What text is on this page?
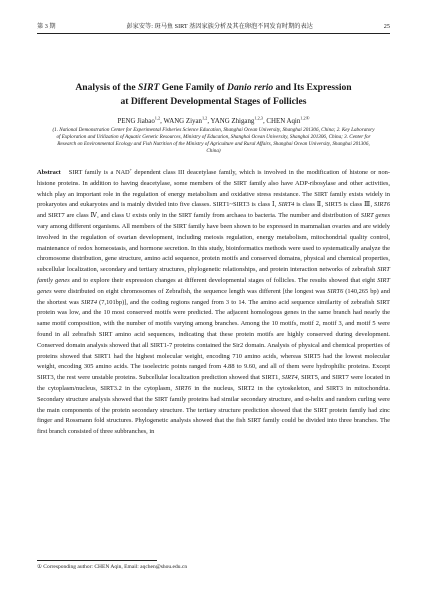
第 3 期	彭家安等: 斑马鱼 SIRT 基因家族分析及其在卵泡不同发育时期的表达	25
Analysis of the SIRT Gene Family of Danio rerio and Its Expression
at Different Developmental Stages of Follicles
PENG Jiabao$^{1,2}$, WANG Ziyan$^{1,2}$, YANG Zhigang$^{1,2,3}$, CHEN Aqin$^{1,2①}$
(1. National Demonstration Center for Experimental Fisheries Science Education, Shanghai Ocean University, Shanghai 201306, China; 2. Key Laboratory of Exploration and Utilization of Aquatic Genetic Resources, Ministry of Education, Shanghai Ocean University, Shanghai 201306, China; 3. Center for Research on Environmental Ecology and Fish Nutrition of the Ministry of Agriculture and Rural Affairs, Shanghai Ocean University, Shanghai 201306, China)
Abstract SIRT family is a NAD+ dependent class III deacetylase family, which is involved in the modification of histone or non-histone proteins. In addition to having deacetylase, some members of the SIRT family also have ADP-ribosylase and other activities, which play an important role in the regulation of energy metabolism and oxidative stress resistance. The SIRT family exists widely in prokaryotes and eukaryotes and is mainly divided into five classes. SIRT1~SIRT3 is class Ⅰ, SIRT4 is class Ⅱ, SIRT5 is class Ⅲ, SIRT6 and SIRT7 are class Ⅳ, and class U exists only in the SIRT family from archaea to bacteria. The number and distribution of SIRT genes vary among different organisms. All members of the SIRT family have been shown to be expressed in mammalian ovaries and are widely involved in the regulation of ovarian development, including meiosis regulation, energy metabolism, mitochondrial quality control, maintenance of redox homeostasis, and hormone secretion. In this study, bioinformatics methods were used to systematically analyze the chromosome distribution, gene structure, amino acid sequence, protein motifs and conserved domains, physical and chemical properties, subcellular localization, secondary and tertiary structures, phylogenetic relationships, and protein interaction networks of zebrafish SIRT family genes and to explore their expression changes at different developmental stages of follicles. The results showed that eight SIRT genes were distributed on eight chromosomes of Zebrafish, the sequence length was different [the longest was SIRT6 (140,265 bp) and the shortest was SIRT4 (7,101bp)], and the coding regions ranged from 3 to 14. The amino acid sequence similarity of zebrafish SIRT protein was low, and the 10 most conserved motifs were predicted. The adjacent homologous genes in the same branch had nearly the same motif composition, with the number of motifs varying among branches. Among the 10 motifs, motif 2, motif 3, and motif 5 were found in all zebrafish SIRT amino acid sequences, indicating that these protein motifs are highly conserved during development. Conserved domain analysis showed that all SIRT1-7 proteins contained the Sir2 domain. Analysis of physical and chemical properties of proteins showed that SIRT1 had the highest molecular weight, encoding 710 amino acids, whereas SIRT5 had the lowest molecular weight, encoding 305 amino acids. The isoelectric points ranged from 4.88 to 9.60, and all of them were hydrophilic proteins. Except SIRT3, the rest were unstable proteins. Subcellular localization prediction showed that SIRT1, SIRT4, SIRT5, and SIRT7 were located in the cytoplasm/nucleus, SIRT3.2 in the cytoplasm, SIRT6 in the nucleus, SIRT2 in the cytoskeleton, and SIRT3 in mitochondria. Secondary structure analysis showed that the SIRT family proteins had similar secondary structure, and α-helix and random curling were the main components of the protein secondary structure. The tertiary structure prediction showed that the SIRT protein family had zinc finger and Rossmann fold structures. Phylogenetic analysis showed that the fish SIRT family could be divided into three branches. The first branch consisted of three subbranches, in
① Corresponding author: CHEN Aqin, Email: aqchen@shou.edu.cn
